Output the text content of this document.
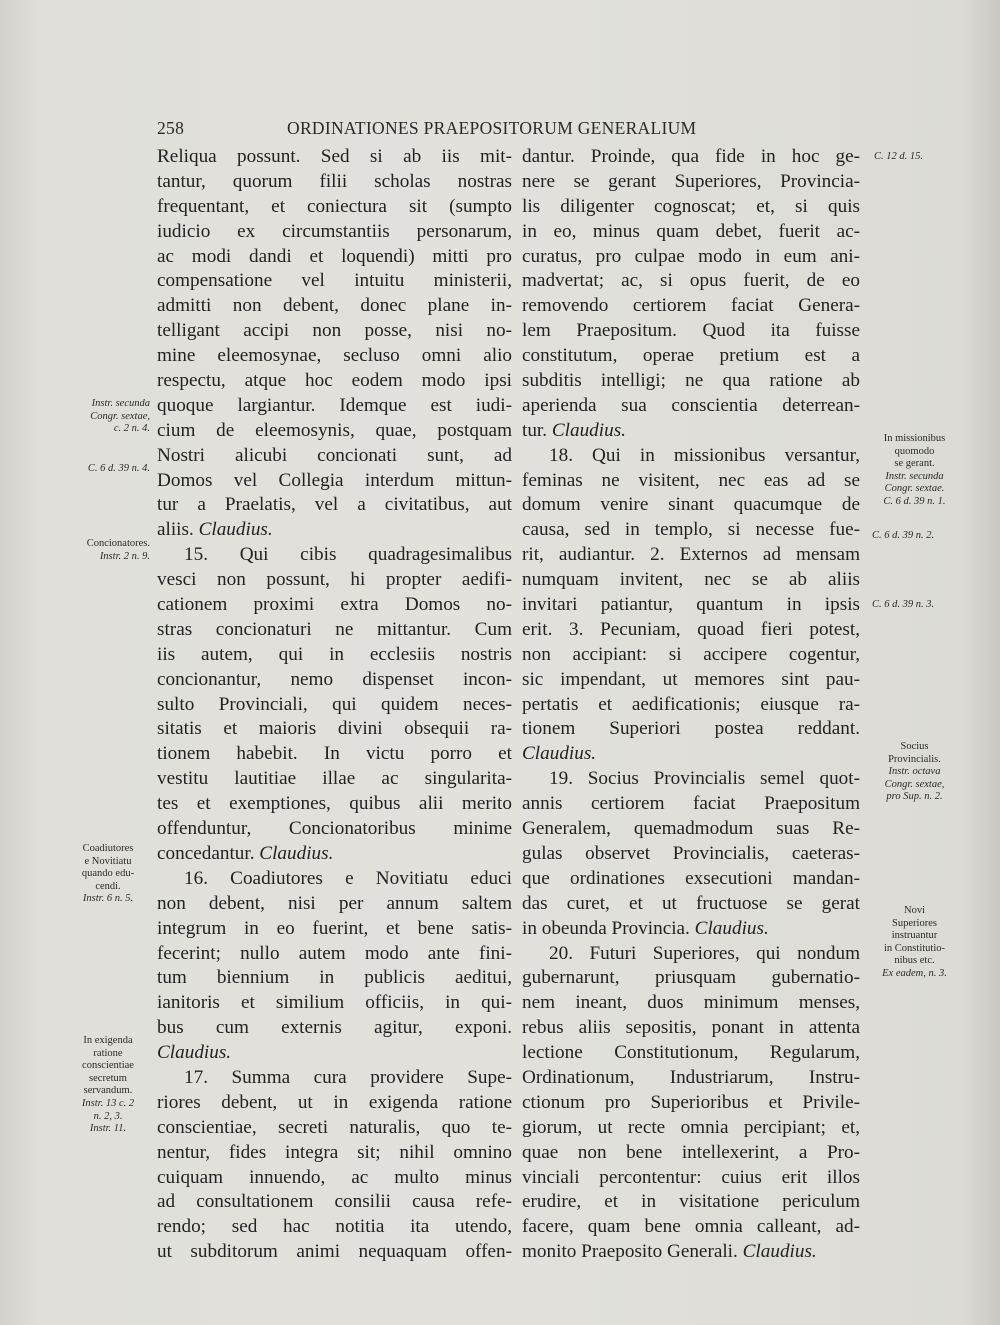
258	ORDINATIONES PRAEPOSITORUM GENERALIUM
Reliqua possunt. Sed si ab iis mit-
tantur, quorum filii scholas nostras
frequentant, et coniectura sit (sumpto
iudicio ex circumstantiis personarum,
ac modi dandi et loquendi) mitti pro
compensatione vel intuitu ministerii,
admitti non debent, donec plane in-
telligant accipi non posse, nisi no-
mine eleemosynae, secluso omni alio
respectu, atque hoc eodem modo ipsi
quoque largiantur. Idemque est iudi-
cium de eleemosynis, quae, postquam
Nostri alicubi concionati sunt, ad
Domos vel Collegia interdum mittun-
tur a Praelatis, vel a civitatibus, aut
aliis. Claudius.
15. Qui cibis quadragesimalibus
vesci non possunt, hi propter aedifi-
cationem proximi extra Domos no-
stras concionaturi ne mittantur. Cum
iis autem, qui in ecclesiis nostris
concionantur, nemo dispenset incon-
sulto Provinciali, qui quidem neces-
sitatis et maioris divini obsequii ra-
tionem habebit. In victu porro et
vestitu lautitiae illae ac singularita-
tes et exemptiones, quibus alii merito
offenduntur, Concionatoribus minime
concedantur. Claudius.
16. Coadiutores e Novitiatu educi
non debent, nisi per annum saltem
integrum in eo fuerint, et bene satis-
fecerint; nullo autem modo ante fini-
tum biennium in publicis aeditui,
ianitoris et similium officiis, in qui-
bus cum externis agitur, exponi.
Claudius.
17. Summa cura providere Supe-
riores debent, ut in exigenda ratione
conscientiae, secreti naturalis, quo te-
nentur, fides integra sit; nihil omnino
cuiquam innuendo, ac multo minus
ad consultationem consilii causa refe-
rendo; sed hac notitia ita utendo,
ut subditorum animi nequaquam offen-
dantur. Proinde, qua fide in hoc ge-
nere se gerant Superiores, Provincia-
lis diligenter cognoscat; et, si quis
in eo, minus quam debet, fuerit ac-
curatus, pro culpae modo in eum ani-
madvertat; ac, si opus fuerit, de eo
removendo certiorem faciat Genera-
lem Praepositum. Quod ita fuisse
constitutum, operae pretium est a
subditis intelligi; ne qua ratione ab
aperienda sua conscientia deterrean-
tur. Claudius.
18. Qui in missionibus versantur,
feminas ne visitent, nec eas ad se
domum venire sinant quacumque de
causa, sed in templo, si necesse fue-
rit, audiantur. 2. Externos ad mensam
numquam invitent, nec se ab aliis
invitari patiantur, quantum in ipsis
erit. 3. Pecuniam, quoad fieri potest,
non accipiant: si accipere cogentur,
sic impendant, ut memores sint pau-
pertatis et aedificationis; eiusque ra-
tionem Superiori postea reddant.
Claudius.
19. Socius Provincialis semel quot-
annis certiorem faciat Praepositum
Generalem, quemadmodum suas Re-
gulas observet Provincialis, caeteras-
que ordinationes exsecutioni mandan-
das curet, et ut fructuose se gerat
in obeunda Provincia. Claudius.
20. Futuri Superiores, qui nondum
gubernarunt, priusquam gubernatio-
nem ineant, duos minimum menses,
rebus aliis sepositis, ponant in attenta
lectione Constitutionum, Regularum,
Ordinationum, Industriarum, Instru-
ctionum pro Superioribus et Privile-
giorum, ut recte omnia percipiant; et,
quae non bene intellexerint, a Pro-
vinciali percontentur: cuius erit illos
erudire, et in visitatione periculum
facere, quam bene omnia calleant, ad-
monito Praeposito Generali. Claudius.
Instr. secunda
Congr. sextae,
c. 2 n. 4.
C. 6 d. 39 n. 4.
Concionatores.
Instr. 2 n. 9.
Coadiutores
e Novitiatu
quando edu-
cendi.
Instr. 6 n. 5.
In exigenda
ratione
conscientiae
secretum
servandum.
Instr. 13 c. 2
n. 2, 3.
Instr. 11.
C. 12 d. 15.
In missionibus
quomodo
se gerant.
Instr. secunda
Congr. sextae.
C. 6 d. 39 n. 1.
C. 6 d. 39 n. 2.
C. 6 d. 39 n. 3.
Socius
Provincialis.
Instr. octava
Congr. sextae,
pro Sup. n. 2.
Novi
Superiores
instruantur
in Constitutio-
nibus etc.
Ex eadem, n. 3.
